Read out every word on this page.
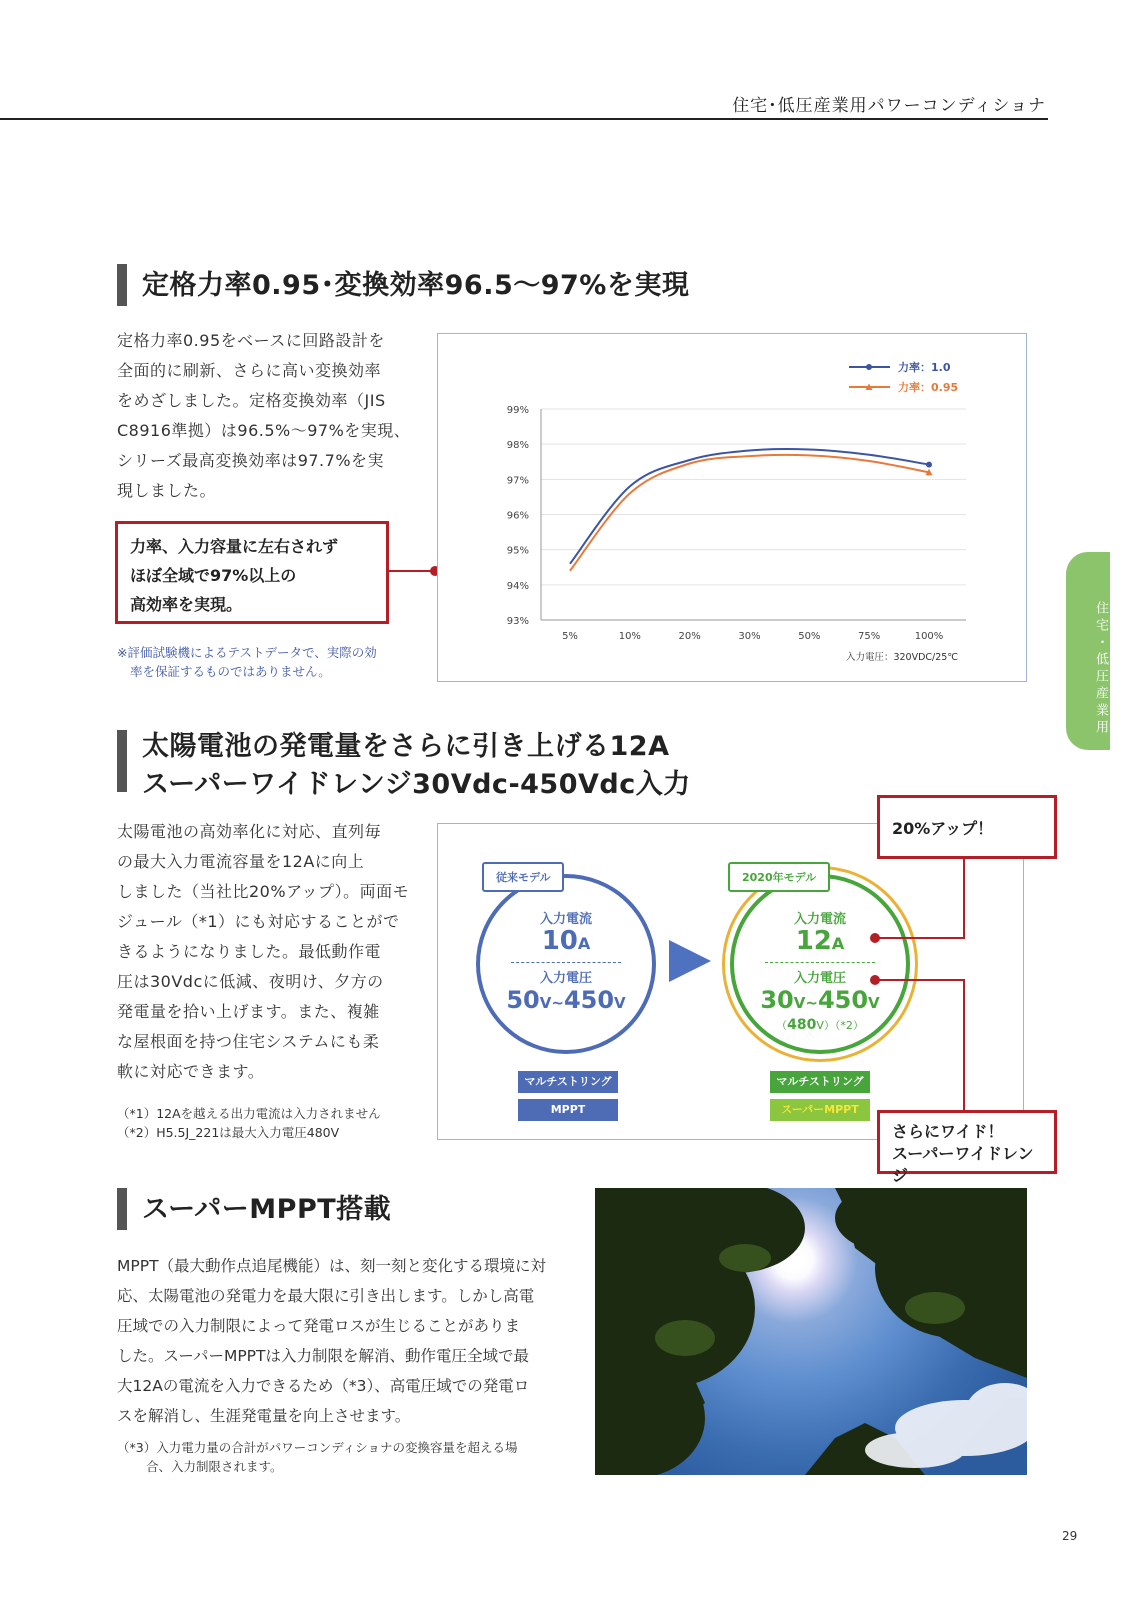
住宅･低圧産業用パワーコンディショナ
住宅・低圧産業用
定格力率0.95･変換効率96.5～97%を実現
定格力率0.95をベースに回路設計を
全面的に刷新、さらに高い変換効率
をめざしました。定格変換効率（JIS
C8916準拠）は96.5%～97%を実現、
シリーズ最高変換効率は97.7%を実
現しました。
力率、入力容量に左右されず
ほぼ全域で97%以上の
高効率を実現。
※評価試験機によるテストデータで、実際の効
率を保証するものではありません。
99%
98%
97%
96%
95%
94%
93%
5%	10%	20%	30%	50%	75%	100%
力率：1.0
力率：0.95
入力電圧：320VDC/25℃
太陽電池の発電量をさらに引き上げる12A
スーパーワイドレンジ30Vdc-450Vdc入力
太陽電池の高効率化に対応、直列毎
の最大入力電流容量を12Aに向上
しました（当社比20%アップ）。両面モ
ジュール（*1）にも対応することがで
きるようになりました。最低動作電
圧は30Vdcに低減、夜明け、夕方の
発電量を拾い上げます。また、複雑
な屋根面を持つ住宅システムにも柔
軟に対応できます。
（*1）12Aを越える出力電流は入力されません
（*2）H5.5J_221は最大入力電圧480V
入力電流
10A
入力電圧
50V~450V
従来モデル
入力電流
12A
入力電圧
30V~450V
（480V）（*2）
2020年モデル
マルチストリング
MPPT
マルチストリング
スーパーMPPT
20%アップ！
さらにワイド！
スーパーワイドレンジ
スーパーMPPT搭載
MPPT（最大動作点追尾機能）は、刻一刻と変化する環境に対
応、太陽電池の発電力を最大限に引き出します。しかし高電
圧域での入力制限によって発電ロスが生じることがありま
した。スーパーMPPTは入力制限を解消、動作電圧全域で最
大12Aの電流を入力できるため（*3）、高電圧域での発電ロ
スを解消し、生涯発電量を向上させます。
（*3）入力電力量の合計がパワーコンディショナの変換容量を超える場
　　 合、入力制限されます。
29
